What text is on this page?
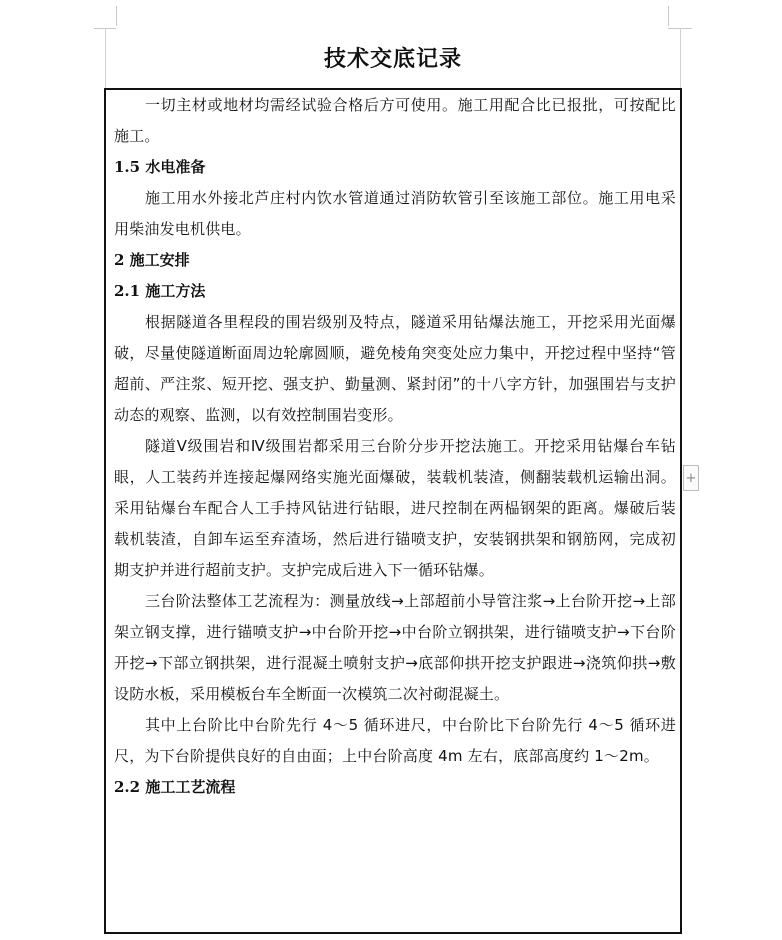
技术交底记录

一切主材或地材均需经试验合格后方可使用。施工用配合比已报批，可按配比施工。

1.5 水电准备

施工用水外接北芦庄村内饮水管道通过消防软管引至该施工部位。施工用电采用柴油发电机供电。

2 施工安排

2.1 施工方法

根据隧道各里程段的围岩级别及特点，隧道采用钻爆法施工，开挖采用光面爆破，尽量使隧道断面周边轮廓圆顺，避免棱角突变处应力集中，开挖过程中坚持“管超前、严注浆、短开挖、强支护、勤量测、紧封闭”的十八字方针，加强围岩与支护动态的观察、监测，以有效控制围岩变形。

隧道Ⅴ级围岩和Ⅳ级围岩都采用三台阶分步开挖法施工。开挖采用钻爆台车钻眼，人工装药并连接起爆网络实施光面爆破，装载机装渣，侧翻装载机运输出洞。采用钻爆台车配合人工手持风钻进行钻眼，进尺控制在两榀钢架的距离。爆破后装载机装渣，自卸车运至弃渣场，然后进行锚喷支护，安装钢拱架和钢筋网，完成初期支护并进行超前支护。支护完成后进入下一循环钻爆。

三台阶法整体工艺流程为：测量放线→上部超前小导管注浆→上台阶开挖→上部架立钢支撑，进行锚喷支护→中台阶开挖→中台阶立钢拱架，进行锚喷支护→下台阶开挖→下部立钢拱架，进行混凝土喷射支护→底部仰拱开挖支护跟进→浇筑仰拱→敷设防水板，采用模板台车全断面一次模筑二次衬砌混凝土。

其中上台阶比中台阶先行 4～5 循环进尺，中台阶比下台阶先行 4～5 循环进尺，为下台阶提供良好的自由面；上中台阶高度 4m 左右，底部高度约 1～2m。

2.2 施工工艺流程

+
